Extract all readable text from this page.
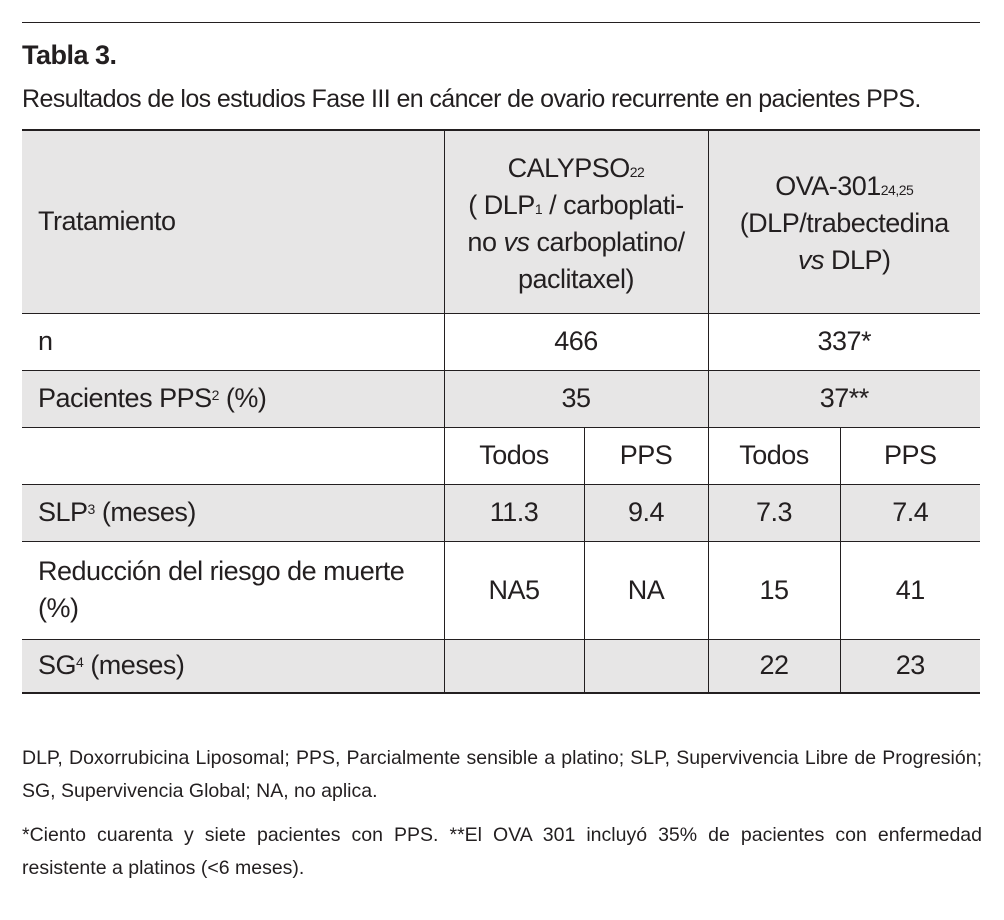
Tabla 3.
Resultados de los estudios Fase III en cáncer de ovario recurrente en pacientes PPS.
Tratamiento	CALYPSO$^{22}$
( DLP$^1$ / carboplati-
no vs carboplatino/
paclitaxel)		OVA-301$^{24,25}$
(DLP/trabectedina
vs DLP)	

n	466		337*	
Pacientes PPS$^2$ (%)	35		37**	
	Todos	PPS	Todos	PPS
SLP$^3$ (meses)	11.3	9.4	7.3	7.4

Reducción del riesgo de muerte
(%)	NA5	NA	15	41
$SG^4$ (meses)			22	23

DLP, Doxorrubicina Liposomal; PPS, Parcialmente sensible a platino; SLP, Supervivencia Libre de Progresión; SG, Supervivencia Global; NA, no aplica.

*Ciento cuarenta y siete pacientes con PPS. **El OVA 301 incluyó 35% de pacientes con enfermedad resistente a platinos (<6 meses).
